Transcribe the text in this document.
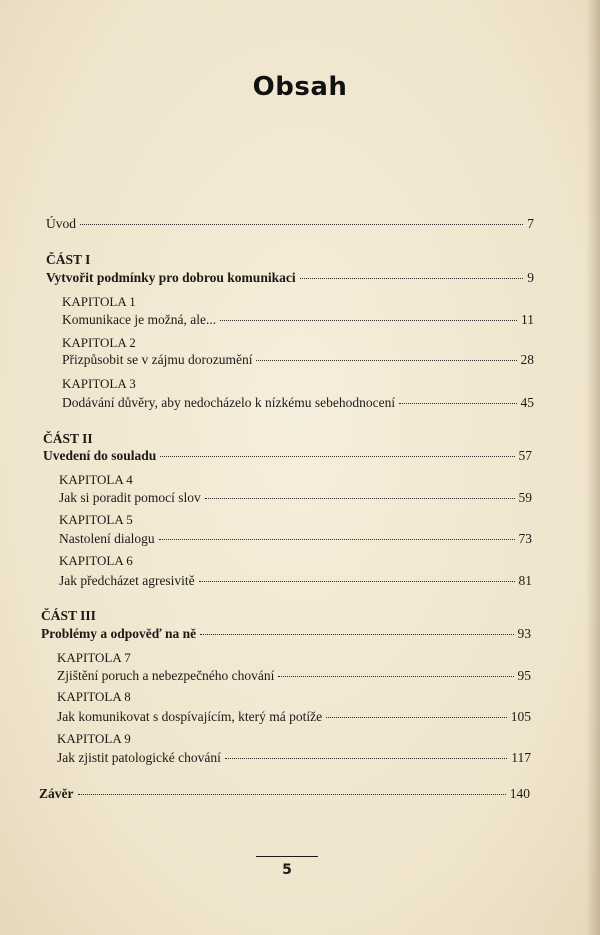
Obsah
Úvod	7
ČÁST I
Vytvořit podmínky pro dobrou komunikaci	9
KAPITOLA 1
Komunikace je možná, ale...	11
KAPITOLA 2
Přizpůsobit se v zájmu dorozumění	28
KAPITOLA 3
Dodávání důvěry, aby nedocházelo k nízkému sebehodnocení	45
ČÁST II
Uvedení do souladu	57
KAPITOLA 4
Jak si poradit pomocí slov	59
KAPITOLA 5
Nastolení dialogu	73
KAPITOLA 6
Jak předcházet agresivitě	81
ČÁST III
Problémy a odpověď na ně	93
KAPITOLA 7
Zjištění poruch a nebezpečného chování	95
KAPITOLA 8
Jak komunikovat s dospívajícím, který má potíže	105
KAPITOLA 9
Jak zjistit patologické chování	117
Závěr	140
5
